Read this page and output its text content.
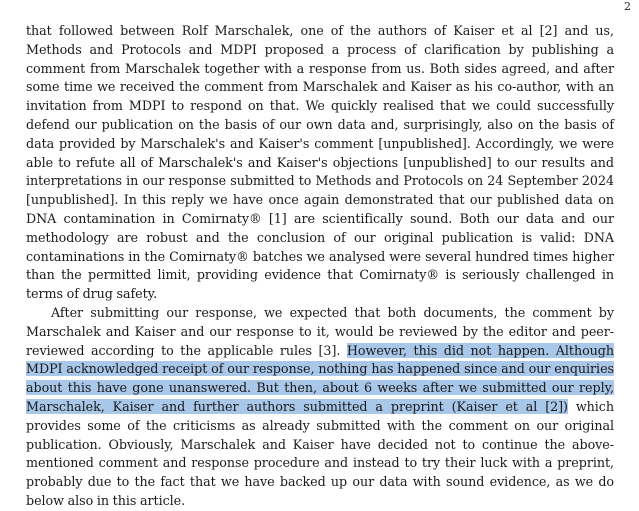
2

that followed between Rolf Marschalek, one of the authors of Kaiser et al [2] and us, Methods and Protocols and MDPI proposed a process of clarification by publishing a comment from Marschalek together with a response from us. Both sides agreed, and after some time we received the comment from Marschalek and Kaiser as his co-author, with an invitation from MDPI to respond on that. We quickly realised that we could successfully defend our publication on the basis of our own data and, surprisingly, also on the basis of data provided by Marschalek's and Kaiser's comment [unpublished]. Accordingly, we were able to refute all of Marschalek's and Kaiser's objections [unpublished] to our results and interpretations in our response submitted to Methods and Protocols on 24 September 2024 [unpublished]. In this reply we have once again demonstrated that our published data on DNA contamination in Comirnaty® [1] are scientifically sound. Both our data and our methodology are robust and the conclusion of our original publication is valid: DNA contaminations in the Comirnaty® batches we analysed were several hundred times higher than the permitted limit, providing evidence that Comirnaty® is seriously challenged in terms of drug safety.

After submitting our response, we expected that both documents, the comment by Marschalek and Kaiser and our response to it, would be reviewed by the editor and peer-reviewed according to the applicable rules [3]. However, this did not happen. Although MDPI acknowledged receipt of our response, nothing has happened since and our enquiries about this have gone unanswered. But then, about 6 weeks after we submitted our reply, Marschalek, Kaiser and further authors submitted a preprint (Kaiser et al [2]) which provides some of the criticisms as already submitted with the comment on our original publication. Obviously, Marschalek and Kaiser have decided not to continue the above-mentioned comment and response procedure and instead to try their luck with a preprint, probably due to the fact that we have backed up our data with sound evidence, as we do below also in this article.
